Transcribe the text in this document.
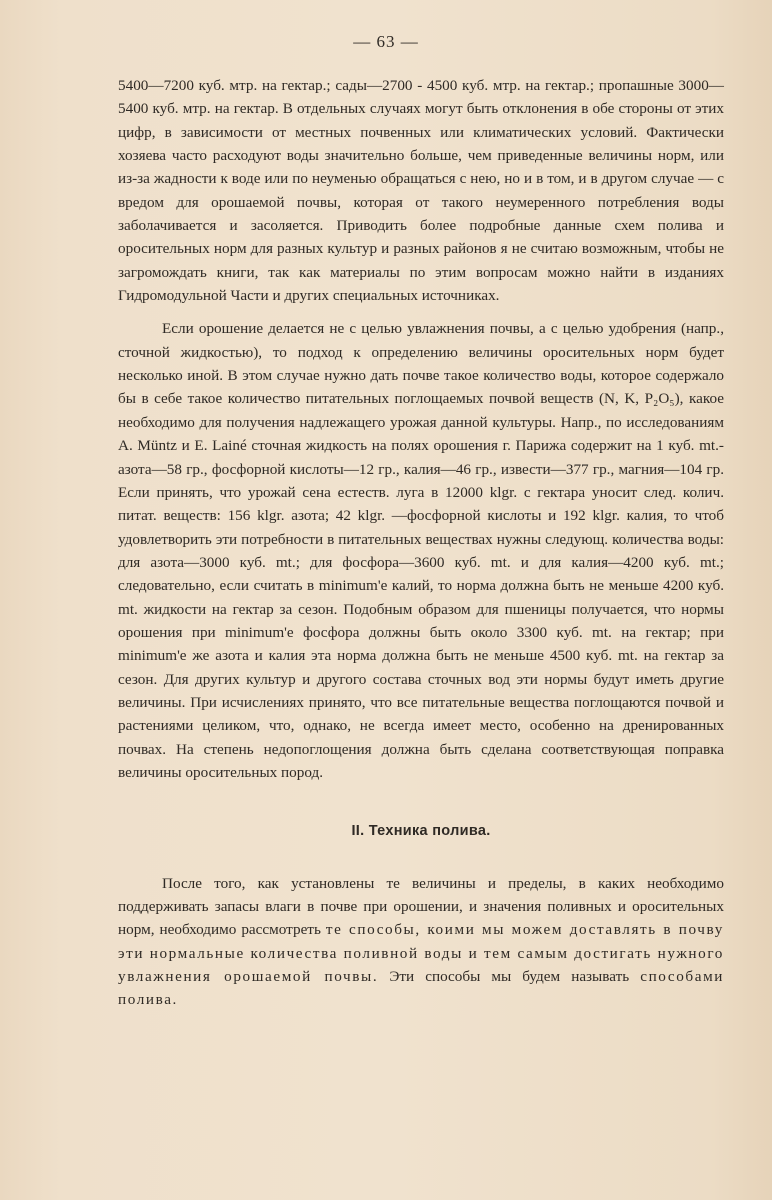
— 63 —

5400—7200 куб. мтр. на гектар.; сады—2700 - 4500 куб. мтр. на гектар.; пропашные 3000—5400 куб. мтр. на гектар. В отдельных случаях могут быть отклонения в обе стороны от этих цифр, в зависимости от местных почвенных или климатических условий. Фактически хозяева часто расходуют воды значительно больше, чем приведенные величины норм, или из-за жадности к воде или по неуменью обращаться с нею, но и в том, и в другом случае — с вредом для орошаемой почвы, которая от такого неумеренного потребления воды заболачивается и засоляется. Приводить более подробные данные схем полива и оросительных норм для разных культур и разных районов я не считаю возможным, чтобы не загромождать книги, так как материалы по этим вопросам можно найти в изданиях Гидромодульной Части и других специальных источниках.

Если орошение делается не с целью увлажнения почвы, а с целью удобрения (напр., сточной жидкостью), то подход к определению величины оросительных норм будет несколько иной. В этом случае нужно дать почве такое количество воды, которое содержало бы в себе такое количество питательных поглощаемых почвой веществ (N, K, P₂O₅), какое необходимо для получения надлежащего урожая данной культуры. Напр., по исследованиям A. Müntz и E. Lainé сточная жидкость на полях орошения г. Парижа содержит на 1 куб. mt.-азота—58 гр., фосфорной кислоты—12 гр., калия—46 гр., извести—377 гр., магния—104 гр. Если принять, что урожай сена естеств. луга в 12000 klgr. с гектара уносит след. колич. питат. веществ: 156 klgr. азота; 42 klgr. —фосфорной кислоты и 192 klgr. калия, то чтоб удовлетворить эти потребности в питательных веществах нужны следующ. количества воды: для азота—3000 куб. mt.; для фосфора—3600 куб. mt. и для калия—4200 куб. mt.; следовательно, если считать в minimum'е калий, то норма должна быть не меньше 4200 куб. mt. жидкости на гектар за сезон. Подобным образом для пшеницы получается, что нормы орошения при minimum'е фосфора должны быть около 3300 куб. mt. на гектар; при minimum'е же азота и калия эта норма должна быть не меньше 4500 куб. mt. на гектар за сезон. Для других культур и другого состава сточных вод эти нормы будут иметь другие величины. При исчислениях принято, что все питательные вещества поглощаются почвой и растениями целиком, что, однако, не всегда имеет место, особенно на дренированных почвах. На степень недопоглощения должна быть сделана соответствующая поправка величины оросительных пород.

II. Техника полива.

После того, как установлены те величины и пределы, в каких необходимо поддерживать запасы влаги в почве при орошении, и значения поливных и оросительных норм, необходимо рассмотреть те способы, коими мы можем доставлять в почву эти нормальные количества поливной воды и тем самым достигать нужного увлажнения орошаемой почвы. Эти способы мы будем называть способами полива.
